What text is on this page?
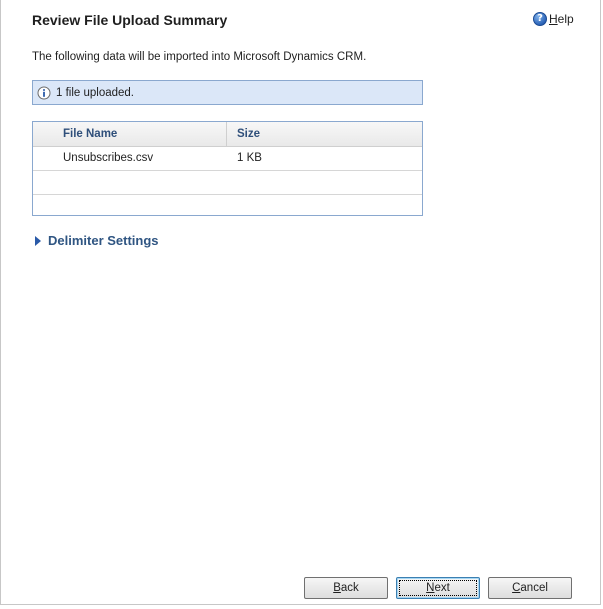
Review File Upload Summary	? Help
The following data will be imported into Microsoft Dynamics CRM.
1 file uploaded.
File Name	Size
Unsubscribes.csv	1 KB
Delimiter Settings
Back	Next	Cancel
